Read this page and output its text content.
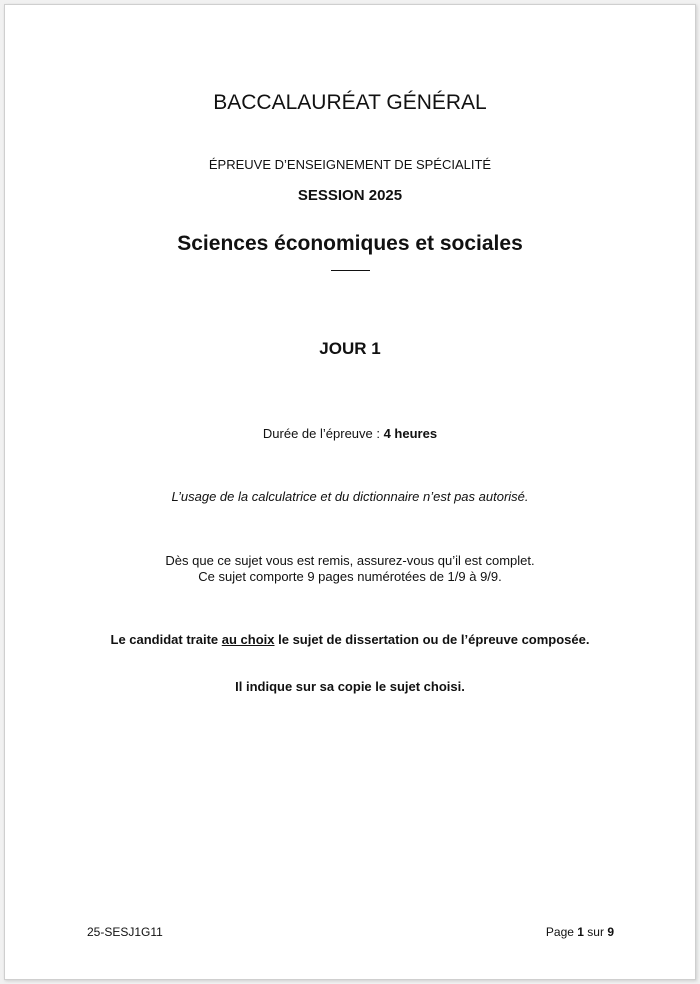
BACCALAURÉAT GÉNÉRAL
ÉPREUVE D’ENSEIGNEMENT DE SPÉCIALITÉ
SESSION 2025
Sciences économiques et sociales
JOUR 1
Durée de l’épreuve : 4 heures
L’usage de la calculatrice et du dictionnaire n’est pas autorisé.
Dès que ce sujet vous est remis, assurez-vous qu’il est complet.
Ce sujet comporte 9 pages numérotées de 1/9 à 9/9.
Le candidat traite au choix le sujet de dissertation ou de l’épreuve composée.
Il indique sur sa copie le sujet choisi.
25-SESJ1G11	Page 1 sur 9
